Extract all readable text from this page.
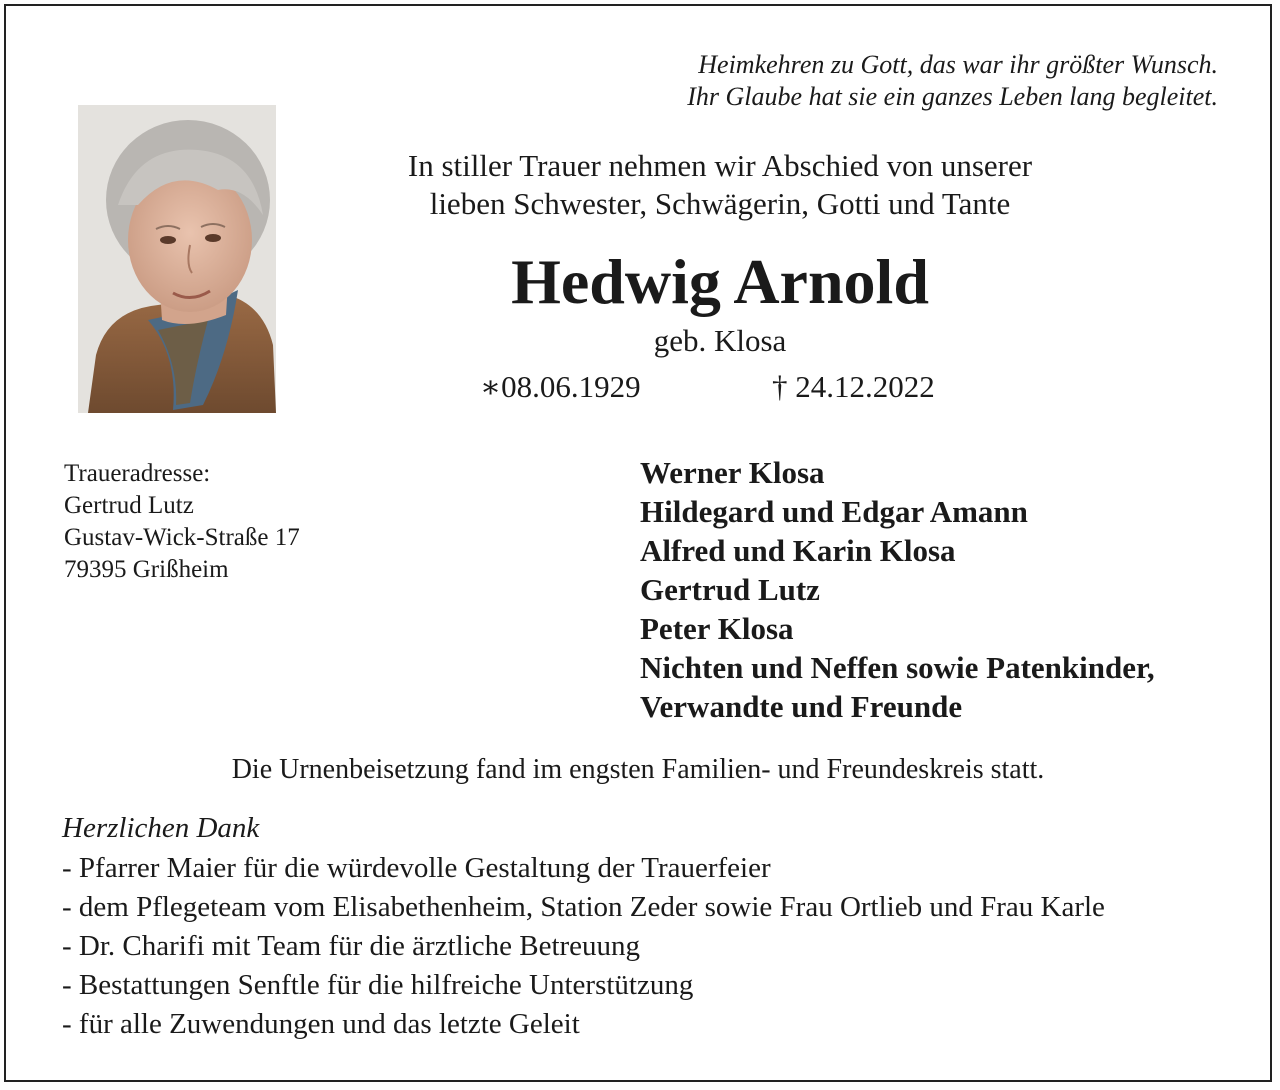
Heimkehren zu Gott, das war ihr größter Wunsch.
Ihr Glaube hat sie ein ganzes Leben lang begleitet.
In stiller Trauer nehmen wir Abschied von unserer
lieben Schwester, Schwägerin, Gotti und Tante
Hedwig Arnold
geb. Klosa
∗08.06.1929	† 24.12.2022
Traueradresse:
Gertrud Lutz
Gustav-Wick-Straße 17
79395 Grißheim
Werner Klosa
Hildegard und Edgar Amann
Alfred und Karin Klosa
Gertrud Lutz
Peter Klosa
Nichten und Neffen sowie Patenkinder,
Verwandte und Freunde
Die Urnenbeisetzung fand im engsten Familien- und Freundeskreis statt.
Herzlichen Dank
- Pfarrer Maier für die würdevolle Gestaltung der Trauerfeier
- dem Pflegeteam vom Elisabethenheim, Station Zeder sowie Frau Ortlieb und Frau Karle
- Dr. Charifi mit Team für die ärztliche Betreuung
- Bestattungen Senftle für die hilfreiche Unterstützung
- für alle Zuwendungen und das letzte Geleit
